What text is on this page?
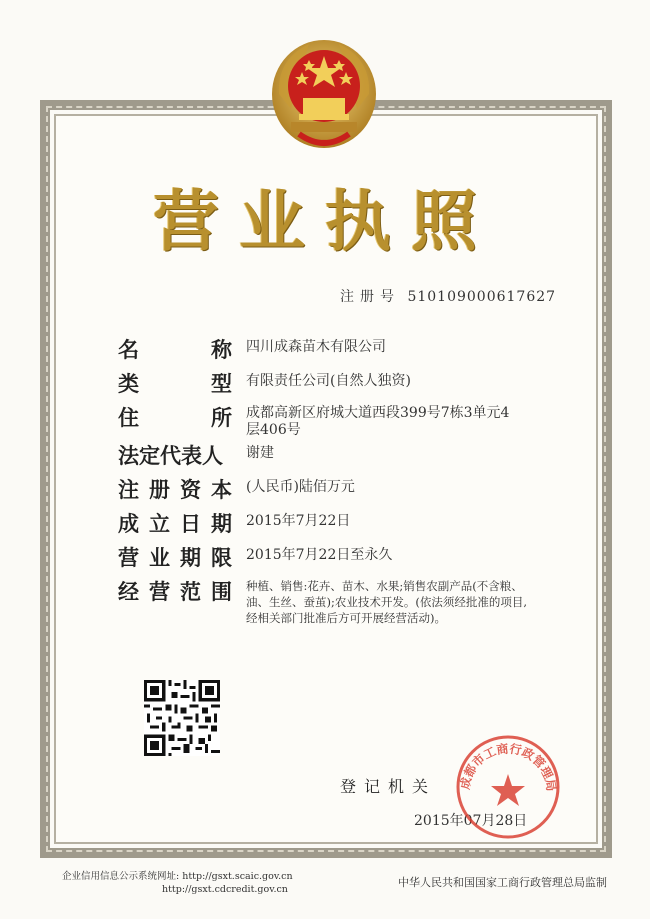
营业执照
注册号 510109000617627
名	称 四川成森苗木有限公司
类	型 有限责任公司(自然人独资)
住	所 成都高新区府城大道西段399号7栋3单元4层406号
法定代表人 谢建
注 册 资 本 (人民币)陆佰万元
成 立 日 期 2015年7月22日
营 业 期 限 2015年7月22日至永久
经 营 范 围 种植、销售:花卉、苗木、水果;销售农副产品(不含粮、油、生丝、蚕茧);农业技术开发。(依法须经批准的项目,经相关部门批准后方可开展经营活动)。
登记机关
2015年07月28日
成都市工商行政管理局
企业信用信息公示系统网址: http://gsxt.scaic.gov.cn
http://gsxt.cdcredit.gov.cn
中华人民共和国国家工商行政管理总局监制
